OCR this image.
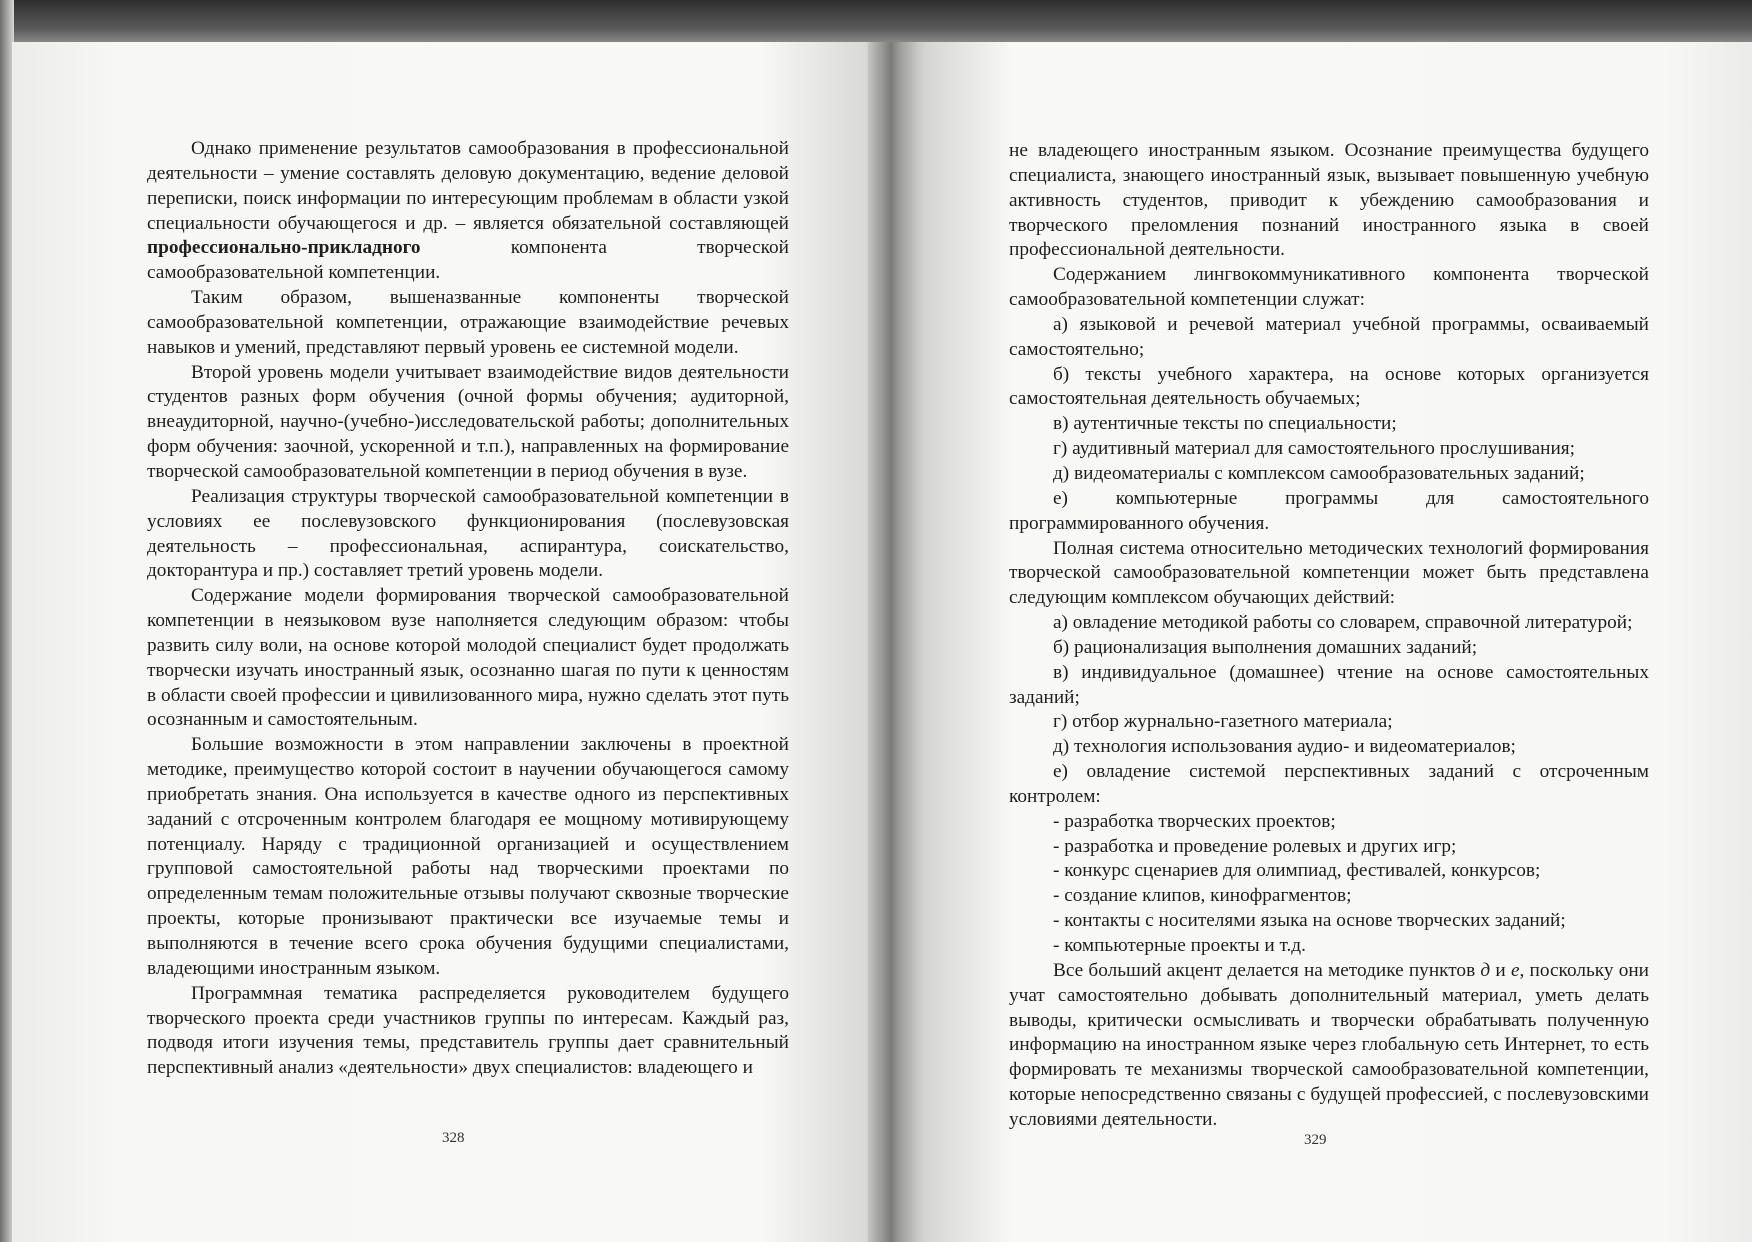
Однако применение результатов самообразования в профессиональной деятельности – умение составлять деловую документацию, ведение деловой переписки, поиск информации по интересующим проблемам в области узкой специальности обучающегося и др. – является обязательной составляющей профессионально-прикладного компонента творческой самообразовательной компетенции.

Таким образом, вышеназванные компоненты творческой самообразовательной компетенции, отражающие взаимодействие речевых навыков и умений, представляют первый уровень ее системной модели.

Второй уровень модели учитывает взаимодействие видов деятельности студентов разных форм обучения (очной формы обучения; аудиторной, внеаудиторной, научно-(учебно-)исследовательской работы; дополнительных форм обучения: заочной, ускоренной и т.п.), направленных на формирование творческой самообразовательной компетенции в период обучения в вузе.

Реализация структуры творческой самообразовательной компетенции в условиях ее послевузовского функционирования (послевузовская деятельность – профессиональная, аспирантура, соискательство, докторантура и пр.) составляет третий уровень модели.

Содержание модели формирования творческой самообразовательной компетенции в неязыковом вузе наполняется следующим образом: чтобы развить силу воли, на основе которой молодой специалист будет продолжать творчески изучать иностранный язык, осознанно шагая по пути к ценностям в области своей профессии и цивилизованного мира, нужно сделать этот путь осознанным и самостоятельным.

Большие возможности в этом направлении заключены в проектной методике, преимущество которой состоит в научении обучающегося самому приобретать знания. Она используется в качестве одного из перспективных заданий с отсроченным контролем благодаря ее мощному мотивирующему потенциалу. Наряду с традиционной организацией и осуществлением групповой самостоятельной работы над творческими проектами по определенным темам положительные отзывы получают сквозные творческие проекты, которые пронизывают практически все изучаемые темы и выполняются в течение всего срока обучения будущими специалистами, владеющими иностранным языком.

Программная тематика распределяется руководителем будущего творческого проекта среди участников группы по интересам. Каждый раз, подводя итоги изучения темы, представитель группы дает сравнительный перспективный анализ «деятельности» двух специалистов: владеющего и

328

не владеющего иностранным языком. Осознание преимущества будущего специалиста, знающего иностранный язык, вызывает повышенную учебную активность студентов, приводит к убеждению самообразования и творческого преломления познаний иностранного языка в своей профессиональной деятельности.

Содержанием лингвокоммуникативного компонента творческой самообразовательной компетенции служат:

а) языковой и речевой материал учебной программы, осваиваемый самостоятельно;

б) тексты учебного характера, на основе которых организуется самостоятельная деятельность обучаемых;

в) аутентичные тексты по специальности;

г) аудитивный материал для самостоятельного прослушивания;

д) видеоматериалы с комплексом самообразовательных заданий;

е) компьютерные программы для самостоятельного программированного обучения.

Полная система относительно методических технологий формирования творческой самообразовательной компетенции может быть представлена следующим комплексом обучающих действий:

а) овладение методикой работы со словарем, справочной литературой;

б) рационализация выполнения домашних заданий;

в) индивидуальное (домашнее) чтение на основе самостоятельных заданий;

г) отбор журнально-газетного материала;

д) технология использования аудио- и видеоматериалов;

е) овладение системой перспективных заданий с отсроченным контролем:

- разработка творческих проектов;

- разработка и проведение ролевых и других игр;

- конкурс сценариев для олимпиад, фестивалей, конкурсов;

- создание клипов, кинофрагментов;

- контакты с носителями языка на основе творческих заданий;

- компьютерные проекты и т.д.

Все больший акцент делается на методике пунктов д и е, поскольку они учат самостоятельно добывать дополнительный материал, уметь делать выводы, критически осмысливать и творчески обрабатывать полученную информацию на иностранном языке через глобальную сеть Интернет, то есть формировать те механизмы творческой самообразовательной компетенции, которые непосредственно связаны с будущей профессией, с послевузовскими условиями деятельности.

329
